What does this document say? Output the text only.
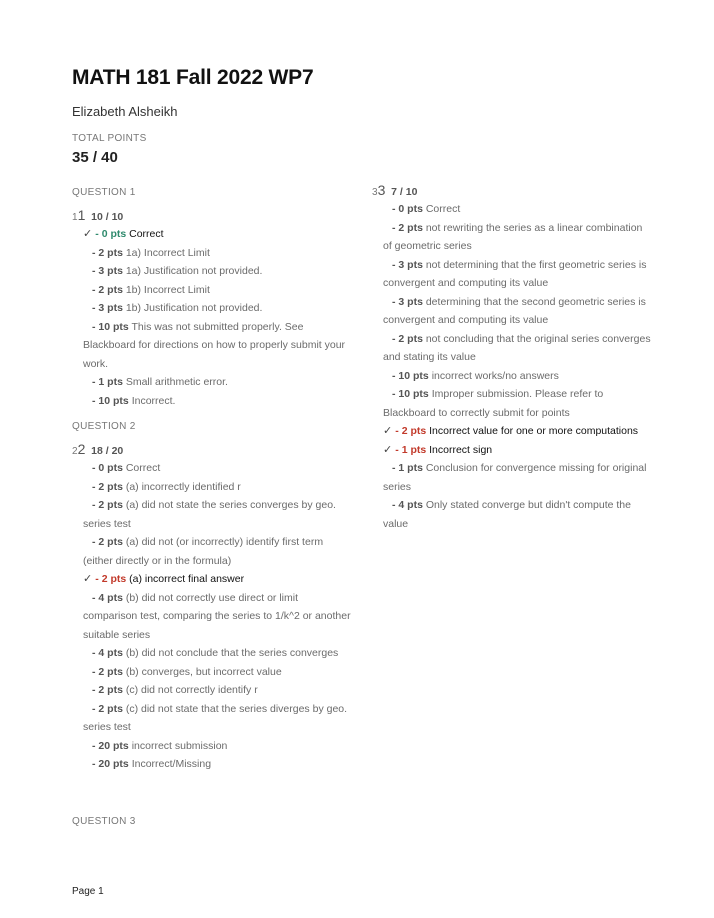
MATH 181 Fall 2022 WP7
Elizabeth Alsheikh
TOTAL POINTS
35 / 40
QUESTION 1
11 10 / 10
✓ - 0 pts Correct
- 2 pts 1a) Incorrect Limit
- 3 pts 1a) Justification not provided.
- 2 pts 1b) Incorrect Limit
- 3 pts 1b) Justification not provided.
- 10 pts This was not submitted properly. See Blackboard for directions on how to properly submit your work.
- 1 pts Small arithmetic error.
- 10 pts Incorrect.
QUESTION 2
22 18 / 20
- 0 pts Correct
- 2 pts (a) incorrectly identified r
- 2 pts (a) did not state the series converges by geo. series test
- 2 pts (a) did not (or incorrectly) identify first term (either directly or in the formula)
✓ - 2 pts (a) incorrect final answer
- 4 pts (b) did not correctly use direct or limit comparison test, comparing the series to 1/k^2 or another suitable series
- 4 pts (b) did not conclude that the series converges
- 2 pts (b) converges, but incorrect value
- 2 pts (c) did not correctly identify r
- 2 pts (c) did not state that the series diverges by geo. series test
- 20 pts incorrect submission
- 20 pts Incorrect/Missing
33 7 / 10
- 0 pts Correct
- 2 pts not rewriting the series as a linear combination of geometric series
- 3 pts not determining that the first geometric series is convergent and computing its value
- 3 pts determining that the second geometric series is convergent and computing its value
- 2 pts not concluding that the original series converges and stating its value
- 10 pts incorrect works/no answers
- 10 pts Improper submission. Please refer to Blackboard to correctly submit for points
✓ - 2 pts Incorrect value for one or more computations
✓ - 1 pts Incorrect sign
- 1 pts Conclusion for convergence missing for original series
- 4 pts Only stated converge but didn't compute the value
QUESTION 3
Page 1
